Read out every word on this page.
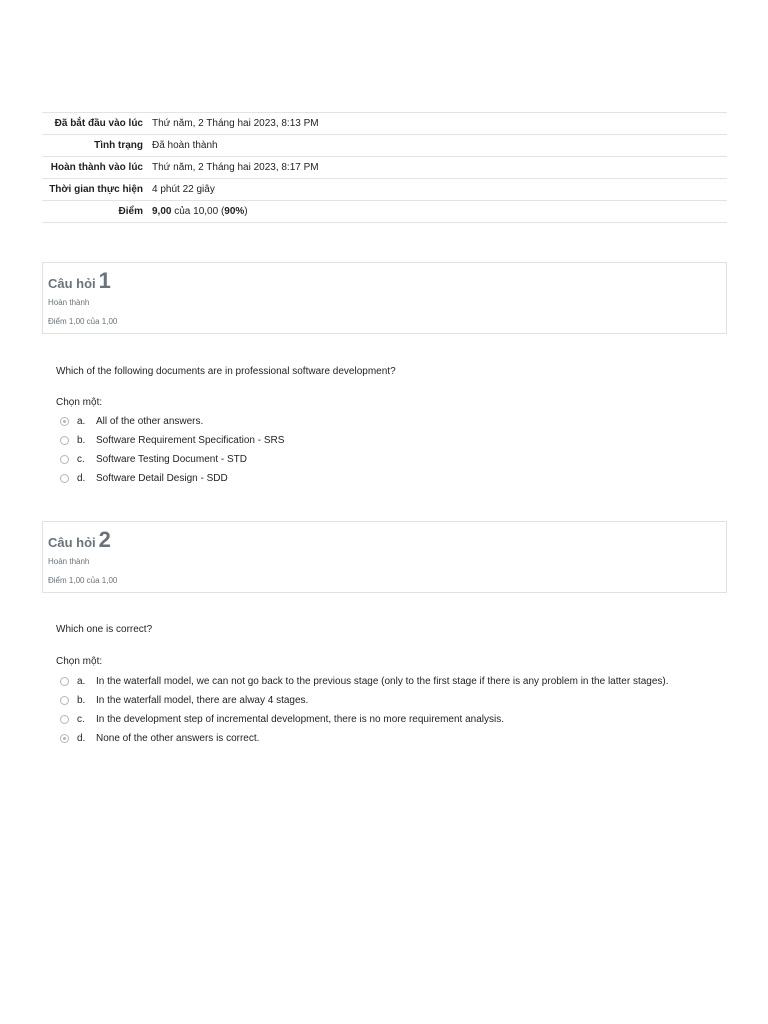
Đã bắt đầu vào lúc	Thứ năm, 2 Tháng hai 2023, 8:13 PM
Tình trạng	Đã hoàn thành
Hoàn thành vào lúc	Thứ năm, 2 Tháng hai 2023, 8:17 PM
Thời gian thực hiện	4 phút 22 giây
Điểm	9,00 của 10,00 (90%)
Câu hỏi 1
Hoàn thành
Điểm 1,00 của 1,00
Which of the following documents are in professional software development?
Chọn một:
a.	All of the other answers.
b.	Software Requirement Specification - SRS
c.	Software Testing Document - STD
d.	Software Detail Design - SDD
Câu hỏi 2
Hoàn thành
Điểm 1,00 của 1,00
Which one is correct?
Chọn một:
a.	In the waterfall model, we can not go back to the previous stage (only to the first stage if there is any problem in the latter stages).
b.	In the waterfall model, there are alway 4 stages.
c.	In the development step of incremental development, there is no more requirement analysis.
d.	None of the other answers is correct.
